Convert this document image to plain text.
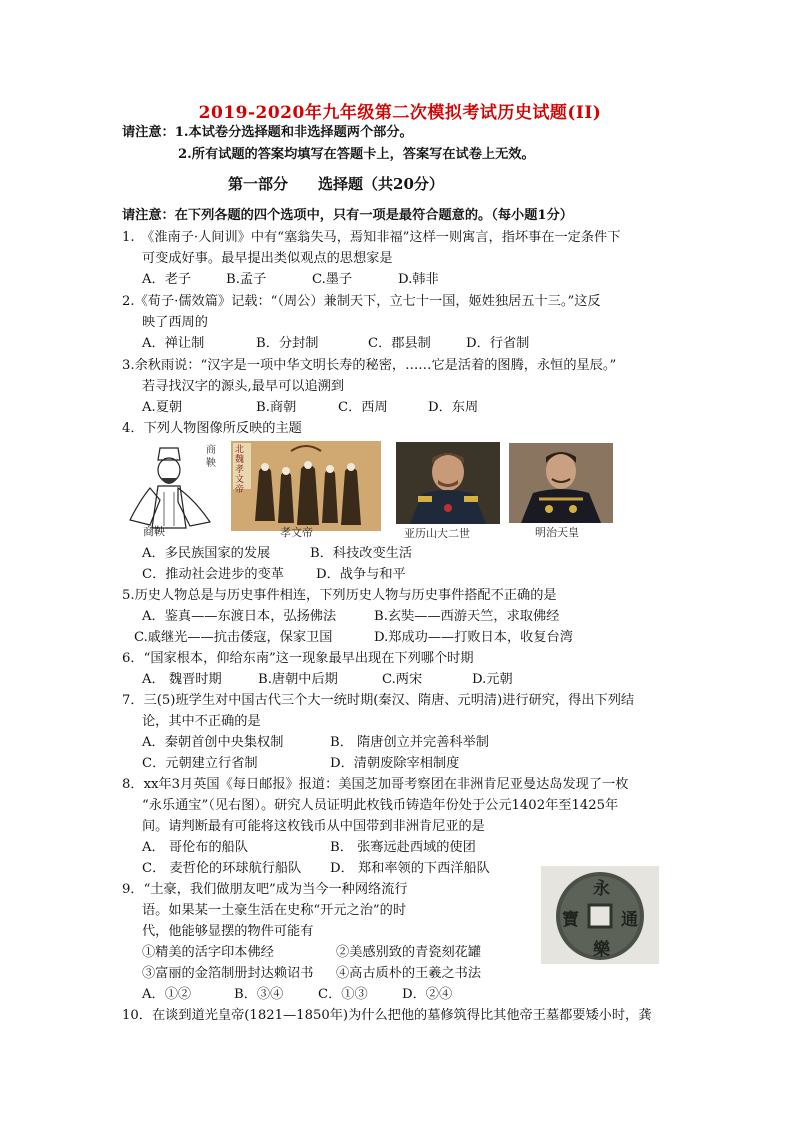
2019-2020年九年级第二次模拟考试历史试题(II)
请注意：1.本试卷分选择题和非选择题两个部分。
2.所有试题的答案均填写在答题卡上，答案写在试卷上无效。
第一部分　　选择题（共20分）
请注意：在下列各题的四个选项中，只有一项是最符合题意的。（每小题1分）
1.　《淮南子·人间训》中有“塞翁失马，焉知非福”这样一则寓言，指坏事在一定条件下
可变成好事。最早提出类似观点的思想家是
A．老子	B.孟子	C.墨子	D.韩非
2.《荀子·儒效篇》记载：“（周公）兼制天下，立七十一国，姬姓独居五十三。”这反
映了西周的
A．禅让制	B．分封制	C．郡县制	D．行省制
3.余秋雨说：“汉字是一项中华文明长寿的秘密，……它是活着的图腾，永恒的星辰。”
若寻找汉字的源头,最早可以追溯到
A.夏朝	B.商朝	C．西周	D．东周
4．下列人物图像所反映的主题
商鞅
商鞅
北魏孝文帝
孝文帝	亚历山大二世	明治天皇
A．多民族国家的发展	B．科技改变生活
C．推动社会进步的变革 D．战争与和平
5.历史人物总是与历史事件相连，下列历史人物与历史事件搭配不正确的是
A．鉴真——东渡日本，弘扬佛法	B.玄奘——西游天竺，求取佛经
C.戚继光——抗击倭寇，保家卫国	D.郑成功——打败日本，收复台湾
6．“国家根本，仰给东南”这一现象最早出现在下列哪个时期
A． 魏晋时期	B.唐朝中后期	C.两宋	D.元朝
7．三(5)班学生对中国古代三个大一统时期(秦汉、隋唐、元明清)进行研究，得出下列结
论，其中不正确的是
A．秦朝首创中央集权制	B． 隋唐创立并完善科举制
C．元朝建立行省制	D．清朝废除宰相制度
8．xx年3月英国《每日邮报》报道：美国芝加哥考察团在非洲肯尼亚曼达岛发现了一枚
“永乐通宝”（见右图）。研究人员证明此枚钱币铸造年份处于公元1402年至1425年
间。请判断最有可能将这枚钱币从中国带到非洲肯尼亚的是
A． 哥伦布的船队	B． 张骞远赴西域的使团
C． 麦哲伦的环球航行船队 D． 郑和率领的下西洋船队
永
樂
通
寶
9．“土豪，我们做朋友吧”成为当今一种网络流行
语。如果某一土豪生活在史称“开元之治”的时
代，他能够显摆的物件可能有
①精美的活字印本佛经	②美感别致的青瓷刻花罐
③富丽的金箔制册封达赖诏书 ④高古质朴的王羲之书法
A．①②	B．③④	C．①③	D．②④
10．在谈到道光皇帝(1821—1850年)为什么把他的墓修筑得比其他帝王墓都要矮小时，龚
